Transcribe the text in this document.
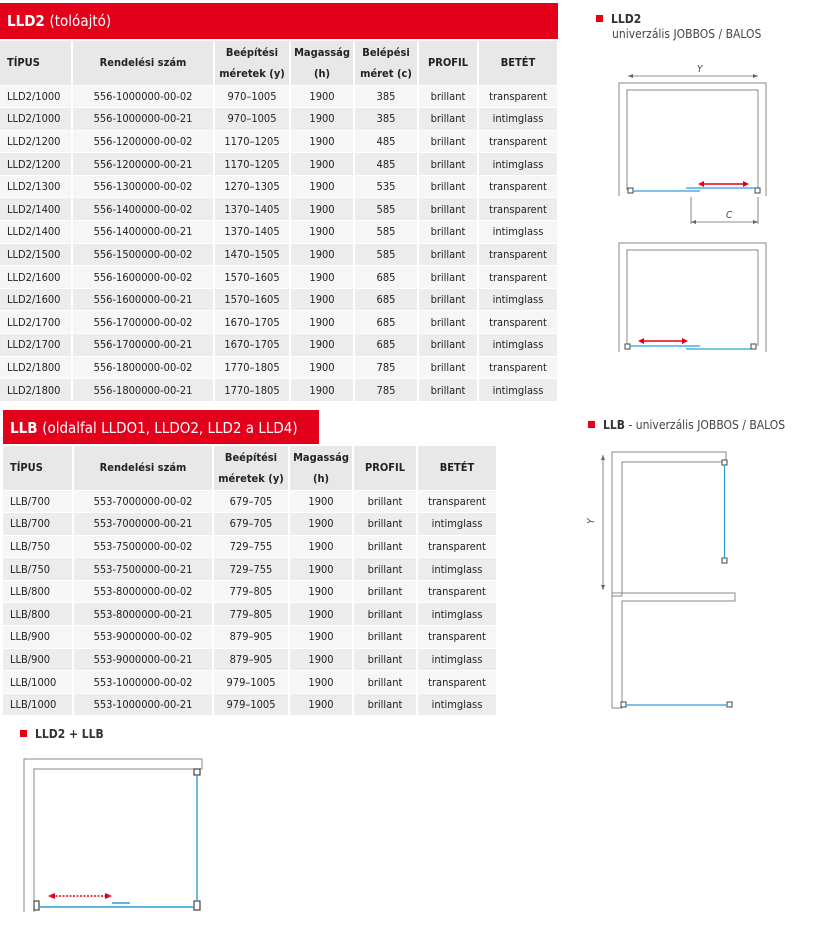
LLD2 (tolóajtó)
TÍPUS	Rendelési szám	Beépítési méretek (y)	Magasság (h)	Belépési méret (c)	PROFIL	BETÉT
LLD2/1000	556-1000000-00-02	970–1005	1900	385	brillant	transparent
LLD2/1000	556-1000000-00-21	970–1005	1900	385	brillant	intimglass
LLD2/1200	556-1200000-00-02	1170–1205	1900	485	brillant	transparent
LLD2/1200	556-1200000-00-21	1170–1205	1900	485	brillant	intimglass
LLD2/1300	556-1300000-00-02	1270–1305	1900	535	brillant	transparent
LLD2/1400	556-1400000-00-02	1370–1405	1900	585	brillant	transparent
LLD2/1400	556-1400000-00-21	1370–1405	1900	585	brillant	intimglass
LLD2/1500	556-1500000-00-02	1470–1505	1900	585	brillant	transparent
LLD2/1600	556-1600000-00-02	1570–1605	1900	685	brillant	transparent
LLD2/1600	556-1600000-00-21	1570–1605	1900	685	brillant	intimglass
LLD2/1700	556-1700000-00-02	1670–1705	1900	685	brillant	transparent
LLD2/1700	556-1700000-00-21	1670–1705	1900	685	brillant	intimglass
LLD2/1800	556-1800000-00-02	1770–1805	1900	785	brillant	transparent
LLD2/1800	556-1800000-00-21	1770–1805	1900	785	brillant	intimglass
LLD2
univerzális JOBBOS / BALOS
Y
C
Y
LLB (oldalfal LLDO1, LLDO2, LLD2 a LLD4)
TÍPUS	Rendelési szám	Beépítési méretek (y)	Magasság (h)	PROFIL	BETÉT
LLB/700	553-7000000-00-02	679–705	1900	brillant	transparent
LLB/700	553-7000000-00-21	679–705	1900	brillant	intimglass
LLB/750	553-7500000-00-02	729–755	1900	brillant	transparent
LLB/750	553-7500000-00-21	729–755	1900	brillant	intimglass
LLB/800	553-8000000-00-02	779–805	1900	brillant	transparent
LLB/800	553-8000000-00-21	779–805	1900	brillant	intimglass
LLB/900	553-9000000-00-02	879–905	1900	brillant	transparent
LLB/900	553-9000000-00-21	879–905	1900	brillant	intimglass
LLB/1000	553-1000000-00-02	979–1005	1900	brillant	transparent
LLB/1000	553-1000000-00-21	979–1005	1900	brillant	intimglass
LLB - univerzális JOBBOS / BALOS
LLD2 + LLB
